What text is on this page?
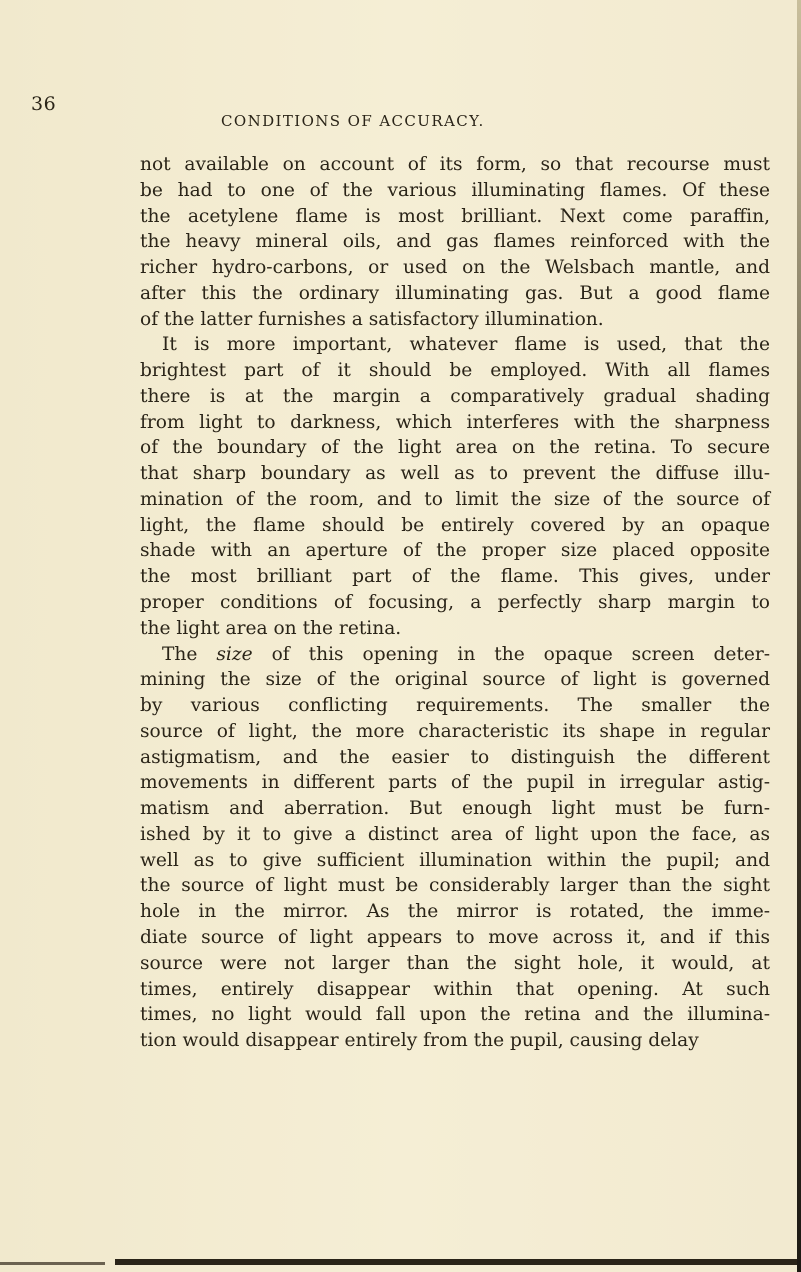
36
CONDITIONS OF ACCURACY.
not available on account of its form, so that recourse must
be had to one of the various illuminating flames. Of these
the acetylene flame is most brilliant. Next come paraffin,
the heavy mineral oils, and gas flames reinforced with the
richer hydro-carbons, or used on the Welsbach mantle, and
after this the ordinary illuminating gas. But a good flame
of the latter furnishes a satisfactory illumination.
It is more important, whatever flame is used, that the
brightest part of it should be employed. With all flames
there is at the margin a comparatively gradual shading
from light to darkness, which interferes with the sharpness
of the boundary of the light area on the retina. To secure
that sharp boundary as well as to prevent the diffuse illu-
mination of the room, and to limit the size of the source of
light, the flame should be entirely covered by an opaque
shade with an aperture of the proper size placed opposite
the most brilliant part of the flame. This gives, under
proper conditions of focusing, a perfectly sharp margin to
the light area on the retina.
The size of this opening in the opaque screen deter-
mining the size of the original source of light is governed
by various conflicting requirements. The smaller the
source of light, the more characteristic its shape in regular
astigmatism, and the easier to distinguish the different
movements in different parts of the pupil in irregular astig-
matism and aberration. But enough light must be furn-
ished by it to give a distinct area of light upon the face, as
well as to give sufficient illumination within the pupil; and
the source of light must be considerably larger than the sight
hole in the mirror. As the mirror is rotated, the imme-
diate source of light appears to move across it, and if this
source were not larger than the sight hole, it would, at
times, entirely disappear within that opening. At such
times, no light would fall upon the retina and the illumina-
tion would disappear entirely from the pupil, causing delay
